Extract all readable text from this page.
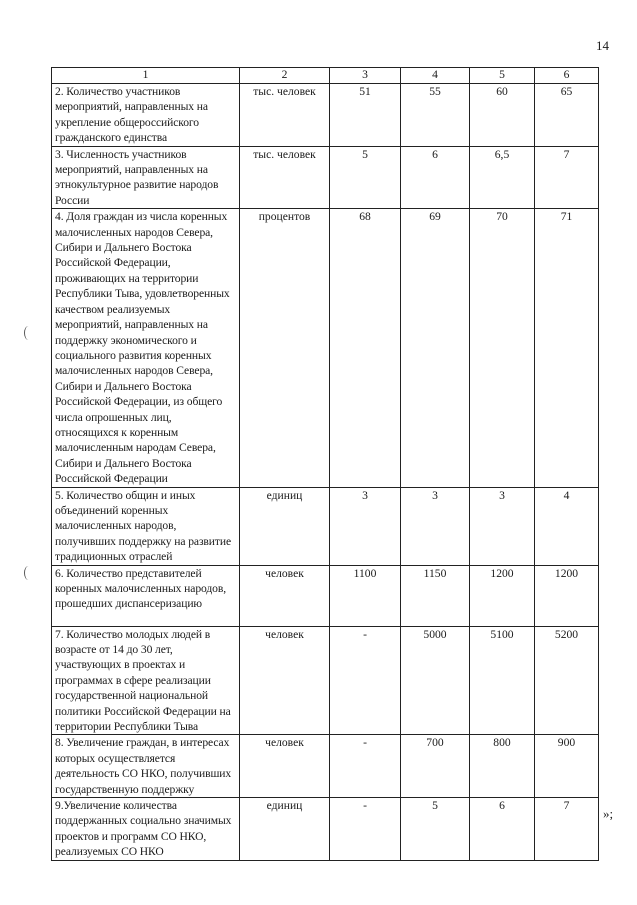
14
1	2	3	4	5	6
2. Количество участников мероприятий, направленных на укрепление общероссийского гражданского единства	тыс. человек	51	55	60	65
3. Численность участников мероприятий, направленных на этнокультурное развитие народов России	тыс. человек	5	6	6,5	7
4. Доля граждан из числа коренных малочисленных народов Севера, Сибири и Дальнего Востока Российской Федерации, проживающих на территории Республики Тыва, удовлетворенных качеством реализуемых мероприятий, направленных на поддержку экономического и социального развития коренных малочисленных народов Севера, Сибири и Дальнего Востока Российской Федерации, из общего числа опрошенных лиц, относящихся к коренным малочисленным народам Севера, Сибири и Дальнего Востока Российской Федерации	процентов	68	69	70	71
5. Количество общин и иных объединений коренных малочисленных народов, получивших поддержку на развитие традиционных отраслей	единиц	3	3	3	4
6. Количество представителей коренных малочисленных народов, прошедших диспансеризацию	человек	1100	1150	1200	1200
7. Количество молодых людей в возрасте от 14 до 30 лет, участвующих в проектах и программах в сфере реализации государственной национальной политики Российской Федерации на территории Республики Тыва	человек	-	5000	5100	5200
8. Увеличение граждан, в интересах которых осуществляется деятельность СО НКО, получивших государственную поддержку	человек	-	700	800	900
9.Увеличение количества поддержанных социально значимых проектов и программ СО НКО, реализуемых СО НКО	единиц	-	5	6	7
»;
